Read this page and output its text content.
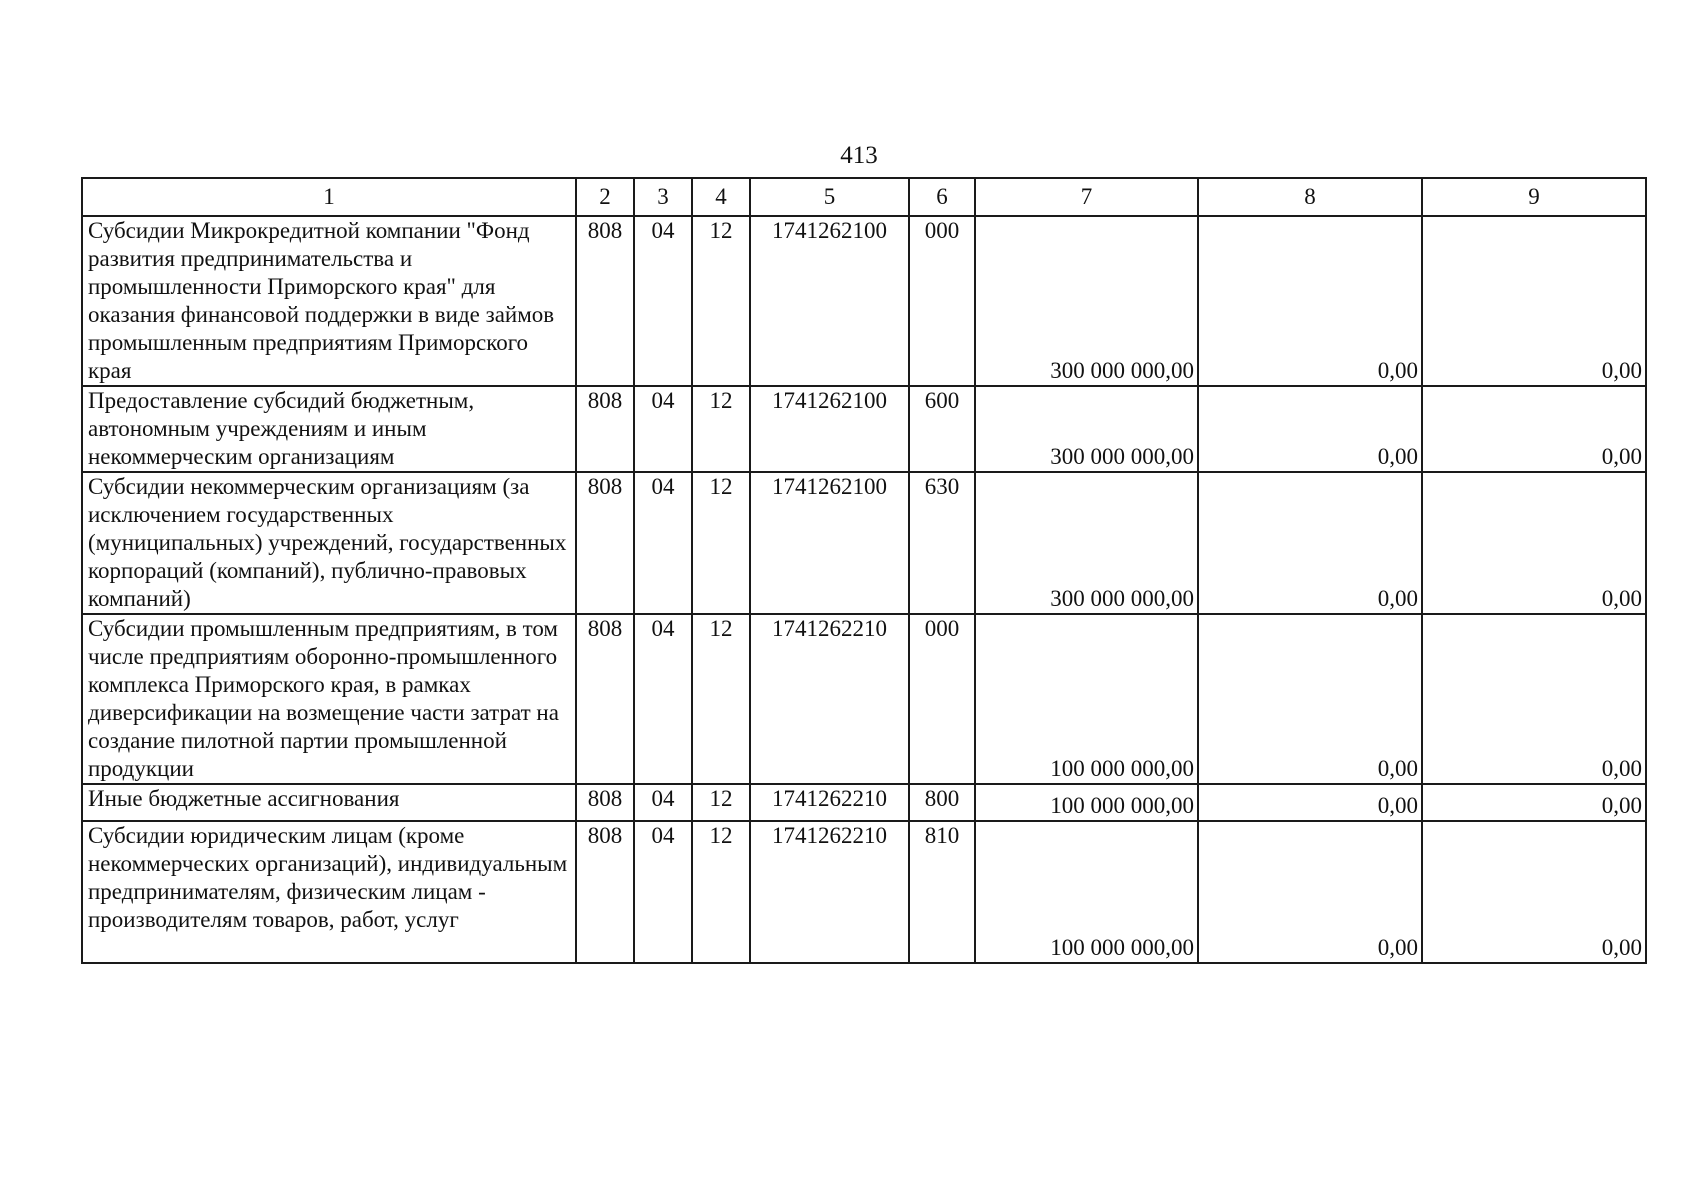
413
1	2	3	4	5	6	7	8	9
Субсидии Микрокредитной компании "Фонд развития предпринимательства и промышленности Приморского края" для оказания финансовой поддержки в виде займов промышленным предприятиям Приморского края	808	04	12	1741262100	000	300 000 000,00	0,00	0,00
Предоставление субсидий бюджетным, автономным учреждениям и иным некоммерческим организациям	808	04	12	1741262100	600	300 000 000,00	0,00	0,00
Субсидии некоммерческим организациям (за исключением государственных (муниципальных) учреждений, государственных корпораций (компаний), публично-правовых компаний)	808	04	12	1741262100	630	300 000 000,00	0,00	0,00
Субсидии промышленным предприятиям, в том числе предприятиям оборонно-промышленного комплекса Приморского края, в рамках диверсификации на возмещение части затрат на создание пилотной партии промышленной продукции	808	04	12	1741262210	000	100 000 000,00	0,00	0,00
Иные бюджетные ассигнования	808	04	12	1741262210	800	100 000 000,00	0,00	0,00
Субсидии юридическим лицам (кроме некоммерческих организаций), индивидуальным предпринимателям, физическим лицам - производителям товаров, работ, услуг	808	04	12	1741262210	810	100 000 000,00	0,00	0,00
